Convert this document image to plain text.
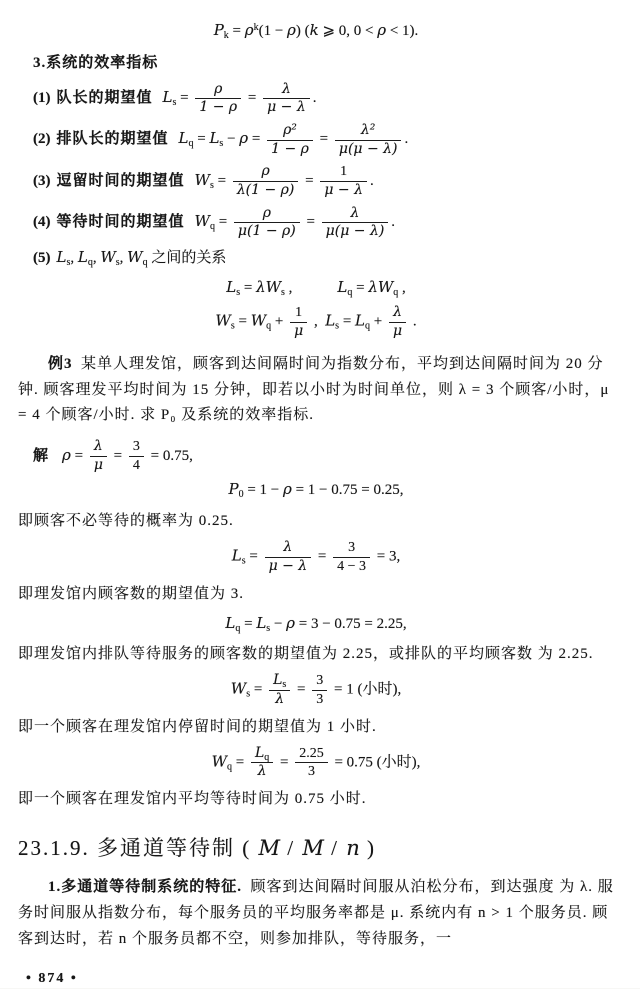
$P_k = \rho^k(1 - \rho)$ (k ⩾ 0, 0 < ρ < 1).
3.系统的效率指标

(1) 队长的期望值 $L_s = \frac{\rho}{1 - \rho} = \frac{\lambda}{\mu - \lambda}$ .

(2) 排队长的期望值 $L_q = L_s - \rho = \frac{\text{ρ²}}{1 - \rho} = \frac{\text{λ²}}{\mu(\mu - \lambda)}$ .

(3) 逗留时间的期望值 $W_s = \frac{\rho}{\lambda(1 - \rho)} = \frac{1}{\mu - \lambda}$ .

(4) 等待时间的期望值 $W_q = \frac{\rho}{\mu(1 - \rho)} = \frac{\lambda}{\mu(\mu - \lambda)}$ .

(5) $L_s$, $L_q$, $W_s$, $W_q$ 之间的关系

$L_s = \lambda W_s$ ,   	$L_q = \lambda W_q$ ,
$W_s = W_q + \frac{1}{\mu}$ , $L_s = L_q + \frac{\lambda}{\mu}$ .

例3  某单人理发馆，顾客到达间隔时间为指数分布，平均到达间隔时间为 20 分钟. 顾客理发平均时间为 15 分钟，即若以小时为时间单位，则 λ = 3 个顾客/小时，μ = 4 个顾客/小时. 求 P₀ 及系统的效率指标.

解 $\rho = \frac{\lambda}{\mu} = \frac{3}{4} = 0.75$,

$P_0 = 1 - \rho = 1 - 0.75 = 0.25$,

即顾客不必等待的概率为 0.25.

$L_s = \frac{\lambda}{\mu - \lambda} = \frac{3}{4 - 3} = 3$,

即理发馆内顾客数的期望值为 3.

$L_q = L_s - \rho = 3 - 0.75 = 2.25$,

即理发馆内排队等待服务的顾客数的期望值为 2.25，或排队的平均顾客数 为 2.25.

$W_s = \frac{L_s}{\lambda} = \frac{3}{3} = 1$ (小时),

即一个顾客在理发馆内停留时间的期望值为 1 小时.

$W_q = \frac{L_q}{\lambda} = \frac{2.25}{3} = 0.75$ (小时),

即一个顾客在理发馆内平均等待时间为 0.75 小时.

23.1.9. 多通道等待制 ( M / M / n )

1.多通道等待制系统的特征.  顾客到达间隔时间服从泊松分布，到达强度 为 λ. 服务时间服从指数分布，每个服务员的平均服务率都是 μ. 系统内有 n > 1 个服务员. 顾客到达时，若 n 个服务员都不空，则参加排队，等待服务，一

• 874 •
